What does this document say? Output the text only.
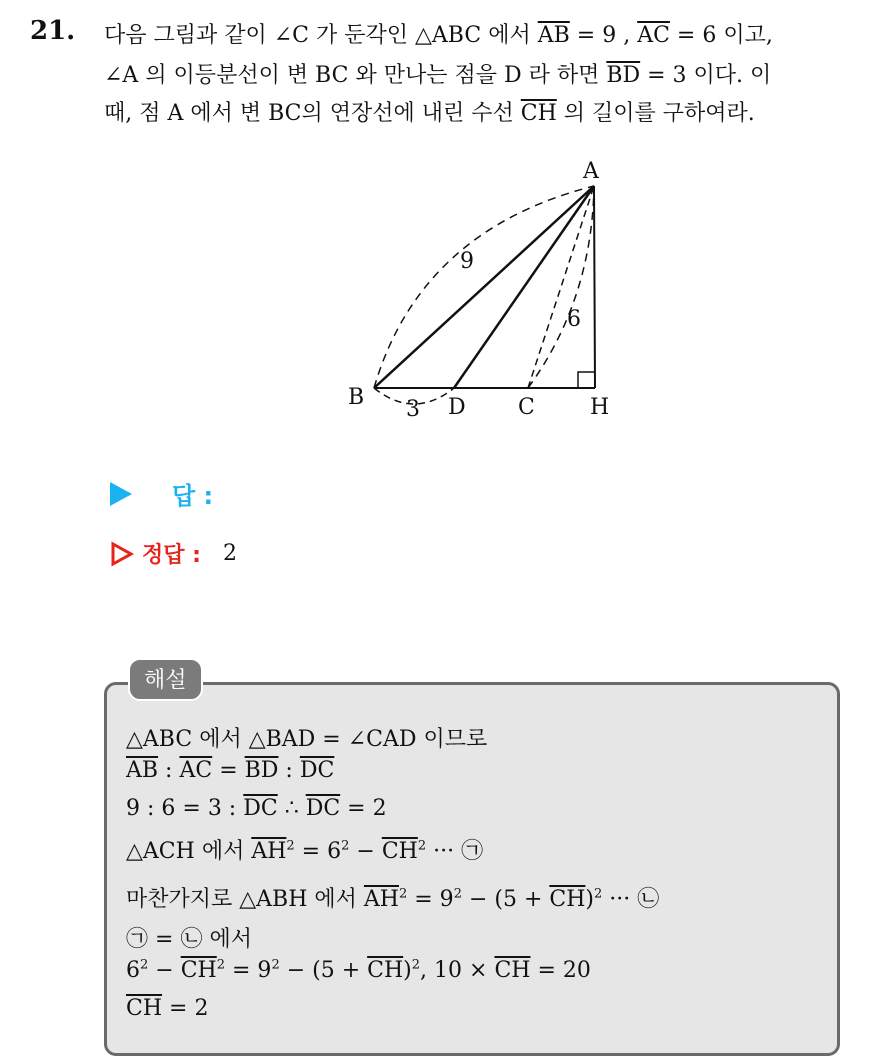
21. 다음 그림과 같이 ∠C 가 둔각인 △ABC 에서 $\overline{AB} = 9$ , $\overline{AC} = 6$ 이고,
∠A 의 이등분선이 변 BC 와 만나는 점을 D 라 하면 $\overline{BD} = 3$ 이다. 이
때, 점 A 에서 변 BC의 연장선에 내린 수선 $\overline{CH}$ 의 길이를 구하여라.
A
B	D C	H
9
6
3
답 :
정답 : 2
해설
△ABC 에서 △BAD = ∠CAD 이므로
$\overline{AB}$ : $\overline{AC} = \overline{BD}$ : $\overline{DC}$
9 : 6 = 3 : $\overline{DC}$ ∴ $\overline{DC} = 2$
△ACH 에서 $\overline{AH}^2 = 6^2 - \overline{CH}^2$ ··· ㉠
마찬가지로 △ABH 에서 $\overline{AH}^2 = 9^2 - (5 + \overline{CH})^2$ ··· ㉡
㉠ = ㉡ 에서
$6^2 - \overline{CH}^2 = 9^2 - (5 + \overline{CH})^2$, $10 \times \overline{CH} = 20$
$\overline{CH} = 2$
